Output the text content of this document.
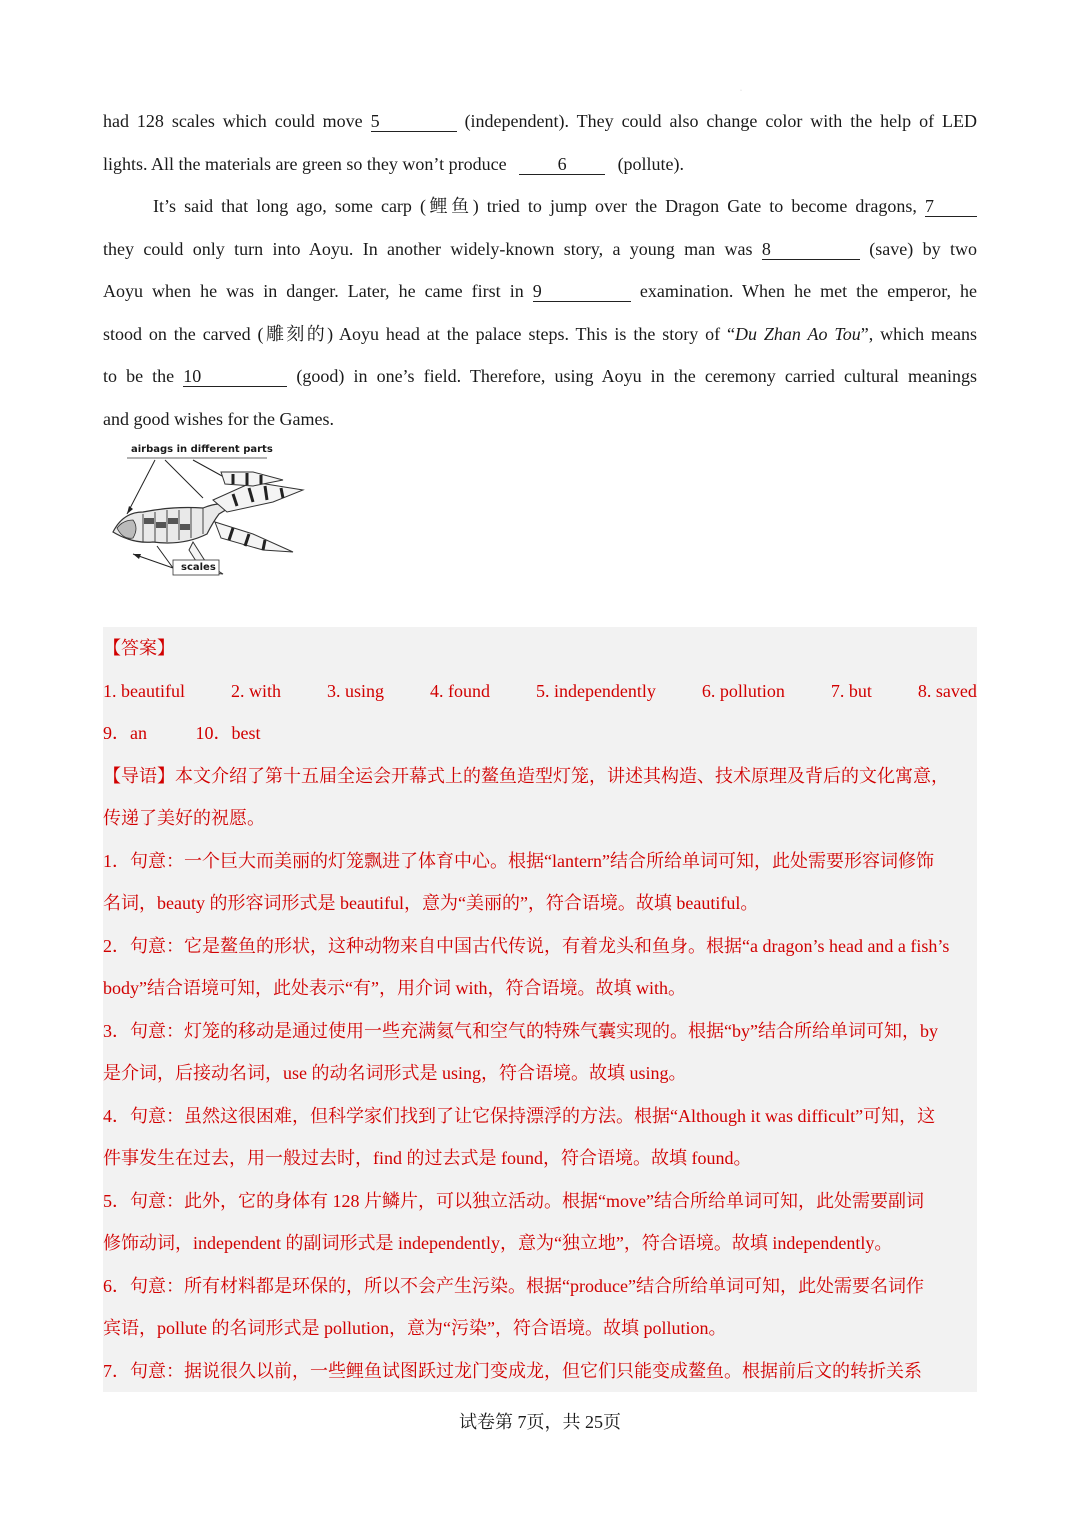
·
had 128 scales which could move 5	(independent). They could also change color with the help of LED
lights. All the materials are green so they won’t produce	6	(pollute).
It’s said that long ago, some carp (鲤鱼) tried to jump over the Dragon Gate to become dragons, 7
they could only turn into Aoyu. In another widely-known story, a young man was 8	(save) by two
Aoyu when he was in danger. Later, he came first in 9	examination. When he met the emperor, he
stood on the carved (雕刻的) Aoyu head at the palace steps. This is the story of “Du Zhan Ao Tou”, which means
to be the 10	(good) in one’s field. Therefore, using Aoyu in the ceremony carried cultural meanings
and good wishes for the Games.
airbags in different parts
scales
【答案】
1. beautiful	2. with	3. using	4. found	5. independently	6. pollution	7. but	8. saved
9．an	10．best
【导语】本文介绍了第十五届全运会开幕式上的鳌鱼造型灯笼，讲述其构造、技术原理及背后的文化寓意，
传递了美好的祝愿。
1．句意：一个巨大而美丽的灯笼飘进了体育中心。根据“lantern”结合所给单词可知，此处需要形容词修饰
名词，beauty 的形容词形式是 beautiful，意为“美丽的”，符合语境。故填 beautiful。
2．句意：它是鳌鱼的形状，这种动物来自中国古代传说，有着龙头和鱼身。根据“a dragon’s head and a fish’s
body”结合语境可知，此处表示“有”，用介词 with，符合语境。故填 with。
3．句意：灯笼的移动是通过使用一些充满氦气和空气的特殊气囊实现的。根据“by”结合所给单词可知，by
是介词，后接动名词，use 的动名词形式是 using，符合语境。故填 using。
4．句意：虽然这很困难，但科学家们找到了让它保持漂浮的方法。根据“Although it was difficult”可知，这
件事发生在过去，用一般过去时，find 的过去式是 found，符合语境。故填 found。
5．句意：此外，它的身体有 128 片鳞片，可以独立活动。根据“move”结合所给单词可知，此处需要副词
修饰动词，independent 的副词形式是 independently，意为“独立地”，符合语境。故填 independently。
6．句意：所有材料都是环保的，所以不会产生污染。根据“produce”结合所给单词可知，此处需要名词作
宾语，pollute 的名词形式是 pollution，意为“污染”，符合语境。故填 pollution。
7．句意：据说很久以前，一些鲤鱼试图跃过龙门变成龙，但它们只能变成鳌鱼。根据前后文的转折关系
试卷第 7页，共 25页
